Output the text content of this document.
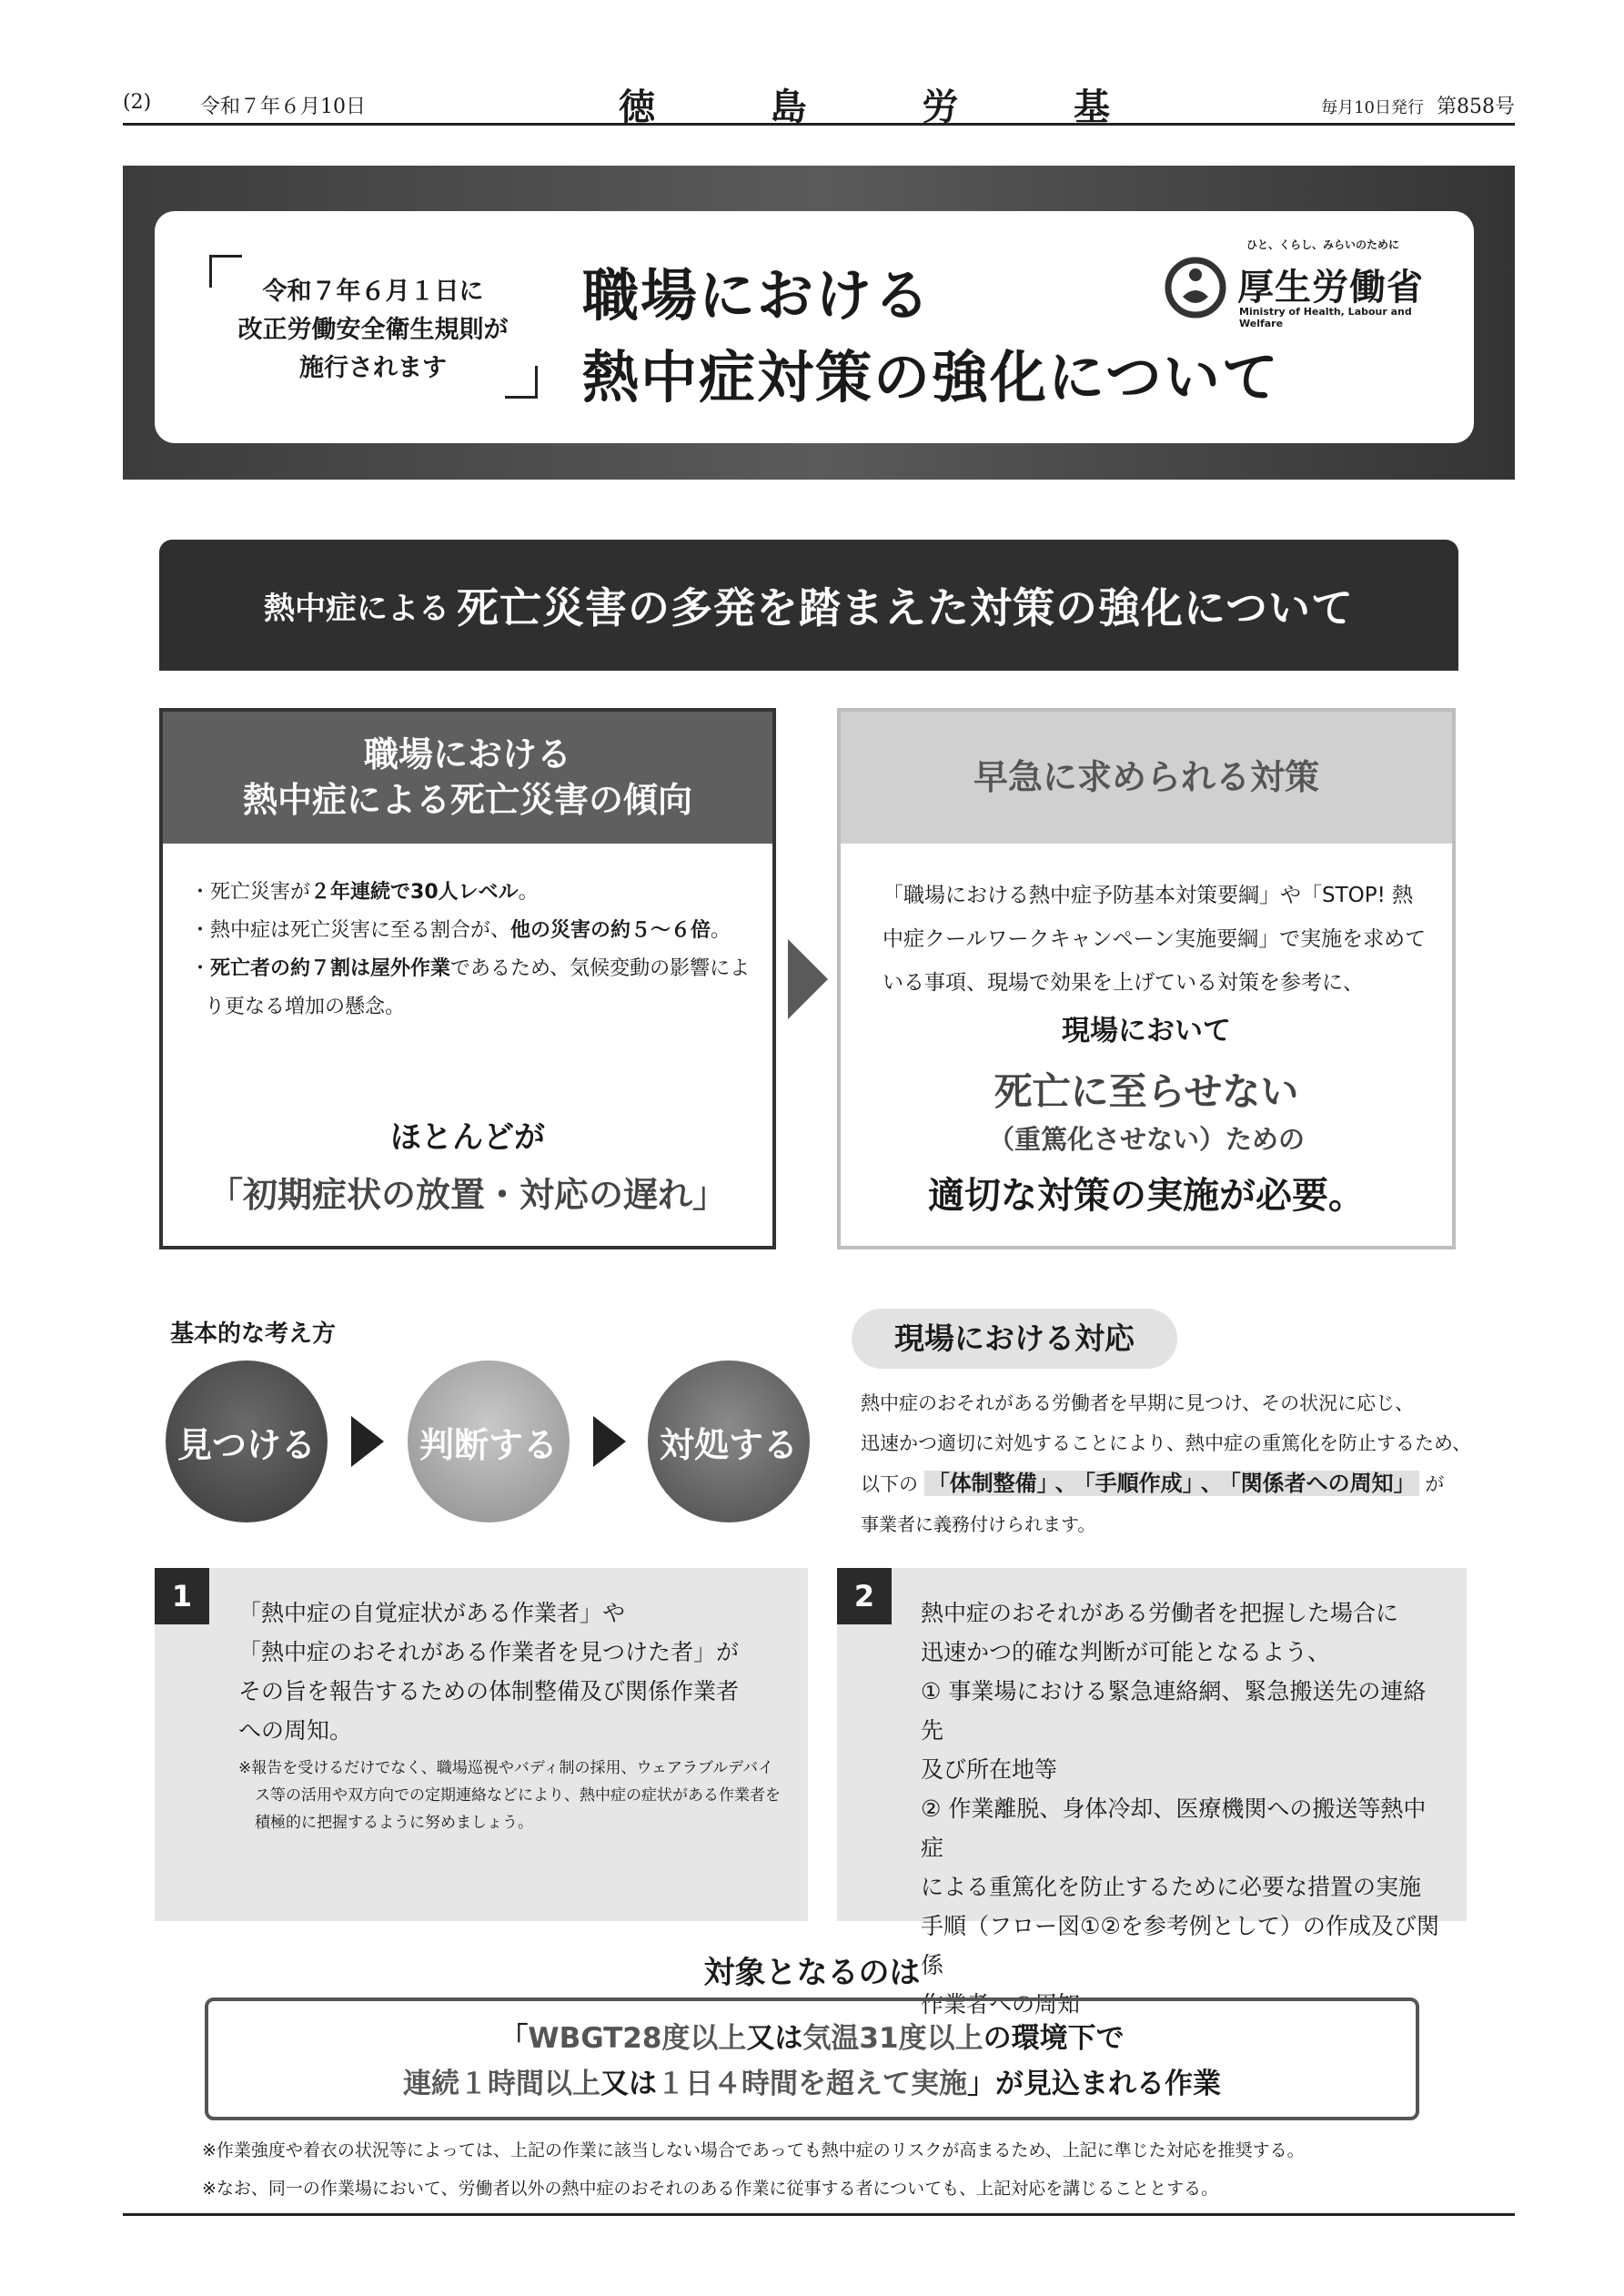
(2) 令和７年６月10日	徳	島	労	基	毎月10日発行 第858号
令和７年６月１日に
改正労働安全衛生規則が
施行されます
職場における
熱中症対策の強化について
ひと、くらし、みらいのために
厚生労働省
Ministry of Health, Labour and Welfare
熱中症による 死亡災害の多発を踏まえた対策の強化について
職場における
熱中症による死亡災害の傾向
・死亡災害が２年連続で30人レベル。
・熱中症は死亡災害に至る割合が、他の災害の約５～６倍。
・死亡者の約７割は屋外作業であるため、気候変動の影響により更なる増加の懸念。
ほとんどが
「初期症状の放置・対応の遅れ」
早急に求められる対策
「職場における熱中症予防基本対策要綱」や「STOP! 熱中症クールワークキャンペーン実施要綱」で実施を求めている事項、現場で効果を上げている対策を参考に、
現場において
死亡に至らせない
（重篤化させない）ための
適切な対策の実施が必要。
基本的な考え方
見つける	判断する	対処する
現場における対応
熱中症のおそれがある労働者を早期に見つけ、その状況に応じ、
迅速かつ適切に対処することにより、熱中症の重篤化を防止するため、
以下の 「体制整備」 、 「手順作成」 、 「関係者への周知」 が
事業者に義務付けられます。
1	「熱中症の自覚症状がある作業者」や
「熱中症のおそれがある作業者を見つけた者」が
その旨を報告するための体制整備及び関係作業者
への周知。
※報告を受けるだけでなく、職場巡視やバディ制の採用、ウェアラブルデバイス等の活用や双方向での定期連絡などにより、熱中症の症状がある作業者を積極的に把握するように努めましょう。
2	熱中症のおそれがある労働者を把握した場合に
迅速かつ的確な判断が可能となるよう、
① 事業場における緊急連絡網、緊急搬送先の連絡先
及び所在地等
② 作業離脱、身体冷却、医療機関への搬送等熱中症
による重篤化を防止するために必要な措置の実施
手順（フロー図①②を参考例として）の作成及び関係
作業者への周知
対象となるのは
「WBGT28度以上又は気温31度以上の環境下で
連続１時間以上又は１日４時間を超えて実施」が見込まれる作業
※作業強度や着衣の状況等によっては、上記の作業に該当しない場合であっても熱中症のリスクが高まるため、上記に準じた対応を推奨する。
※なお、同一の作業場において、労働者以外の熱中症のおそれのある作業に従事する者についても、上記対応を講じることとする。
